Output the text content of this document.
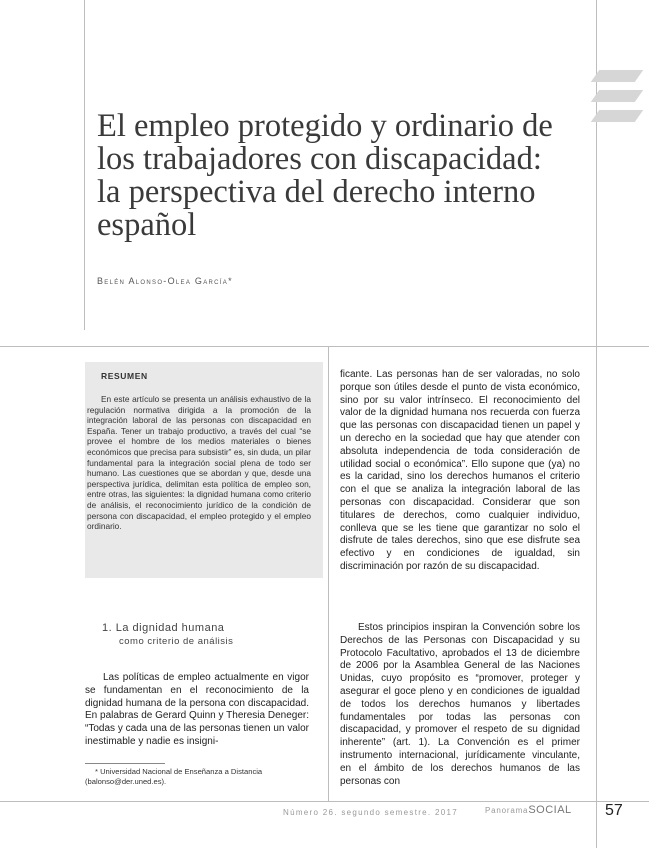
El empleo protegido y ordinario de
los trabajadores con discapacidad:
la perspectiva del derecho interno
español
Belén Alonso-Olea García*
RESUMEN

En este artículo se presenta un análisis exhaustivo de la regulación normativa dirigida a la promoción de la integración laboral de las personas con discapacidad en España. Tener un trabajo productivo, a través del cual “se provee el hombre de los medios materiales o bienes económicos que precisa para subsistir” es, sin duda, un pilar fundamental para la integración social plena de todo ser humano. Las cuestiones que se abordan y que, desde una perspectiva jurídica, delimitan esta política de empleo son, entre otras, las siguientes: la dignidad humana como criterio de análisis, el reconocimiento jurídico de la condición de persona con discapacidad, el empleo protegido y el empleo ordinario.

1. La dignidad humana
como criterio de análisis

Las políticas de empleo actualmente en vigor se fundamentan en el reconocimiento de la dignidad humana de la persona con discapacidad. En palabras de Gerard Quinn y Theresia Deneger: “Todas y cada una de las personas tienen un valor inestimable y nadie es insigni-

* Universidad Nacional de Enseñanza a Distancia (balonso@der.uned.es).

ficante. Las personas han de ser valoradas, no solo porque son útiles desde el punto de vista económico, sino por su valor intrínseco. El reconocimiento del valor de la dignidad humana nos recuerda con fuerza que las personas con discapacidad tienen un papel y un derecho en la sociedad que hay que atender con absoluta independencia de toda consideración de utilidad social o económica”. Ello supone que (ya) no es la caridad, sino los derechos humanos el criterio con el que se analiza la integración laboral de las personas con discapacidad. Considerar que son titulares de derechos, como cualquier individuo, conlleva que se les tiene que garantizar no solo el disfrute de tales derechos, sino que ese disfrute sea efectivo y en condiciones de igualdad, sin discriminación por razón de su discapacidad.

Estos principios inspiran la Convención sobre los Derechos de las Personas con Discapacidad y su Protocolo Facultativo, aprobados el 13 de diciembre de 2006 por la Asamblea General de las Naciones Unidas, cuyo propósito es “promover, proteger y asegurar el goce pleno y en condiciones de igualdad de todos los derechos humanos y libertades fundamentales por todas las personas con discapacidad, y promover el respeto de su dignidad inherente” (art. 1). La Convención es el primer instrumento internacional, jurídicamente vinculante, en el ámbito de los derechos humanos de las personas con

Número 26. segundo semestre. 2017	PanoramaSOCIAL 57
